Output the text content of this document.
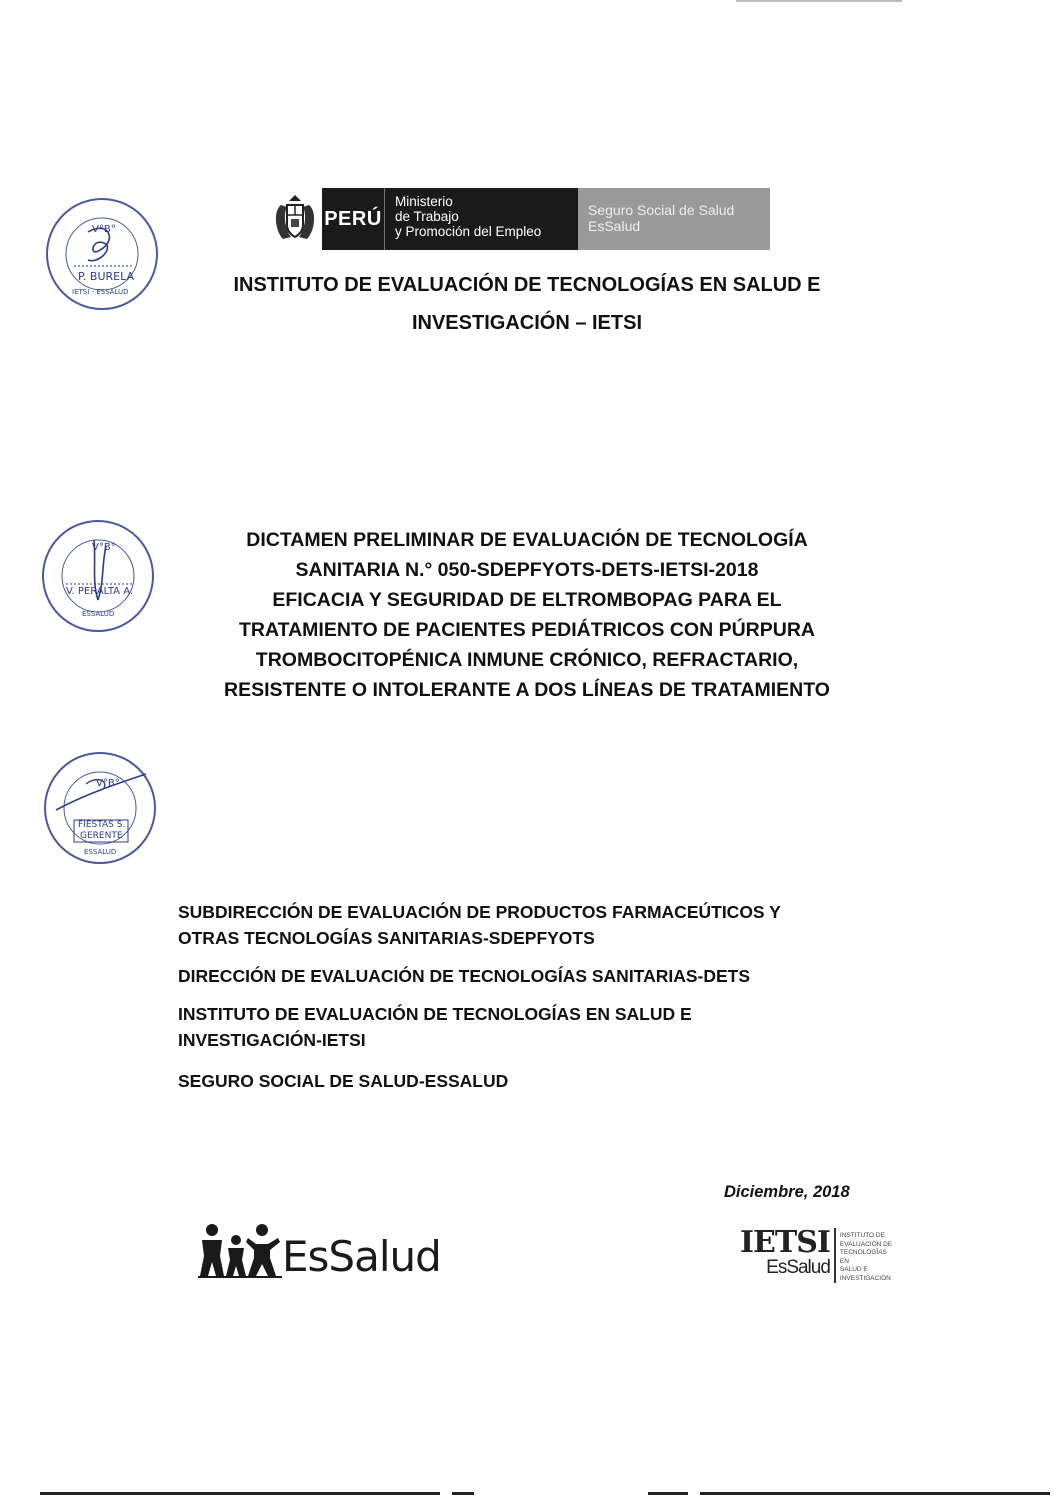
V°B°
P. BURELA
IETSI - ESSALUD
PERÚ
Ministerio
de Trabajo
y Promoción del Empleo
Seguro Social de Salud
EsSalud
INSTITUTO DE EVALUACIÓN DE TECNOLOGÍAS EN SALUD E
INVESTIGACIÓN – IETSI
V°B°
V. PERALTA A.
ESSALUD
DICTAMEN PRELIMINAR DE EVALUACIÓN DE TECNOLOGÍA
SANITARIA N.° 050-SDEPFYOTS-DETS-IETSI-2018
EFICACIA Y SEGURIDAD DE ELTROMBOPAG PARA EL
TRATAMIENTO DE PACIENTES PEDIÁTRICOS CON PÚRPURA
TROMBOCITOPÉNICA INMUNE CRÓNICO, REFRACTARIO,
RESISTENTE O INTOLERANTE A DOS LÍNEAS DE TRATAMIENTO
V°B°
FIESTAS S.
GERENTE
ESSALUD
SUBDIRECCIÓN DE EVALUACIÓN DE PRODUCTOS FARMACEÚTICOS Y
OTRAS TECNOLOGÍAS SANITARIAS-SDEPFYOTS
DIRECCIÓN DE EVALUACIÓN DE TECNOLOGÍAS SANITARIAS-DETS
INSTITUTO DE EVALUACIÓN DE TECNOLOGÍAS EN SALUD E
INVESTIGACIÓN-IETSI
SEGURO SOCIAL DE SALUD-ESSALUD
Diciembre, 2018
EsSalud	IETSI
EsSalud
INSTITUTO DE
EVALUACIÓN DE
TECNOLOGÍAS EN
SALUD E
INVESTIGACIÓN
